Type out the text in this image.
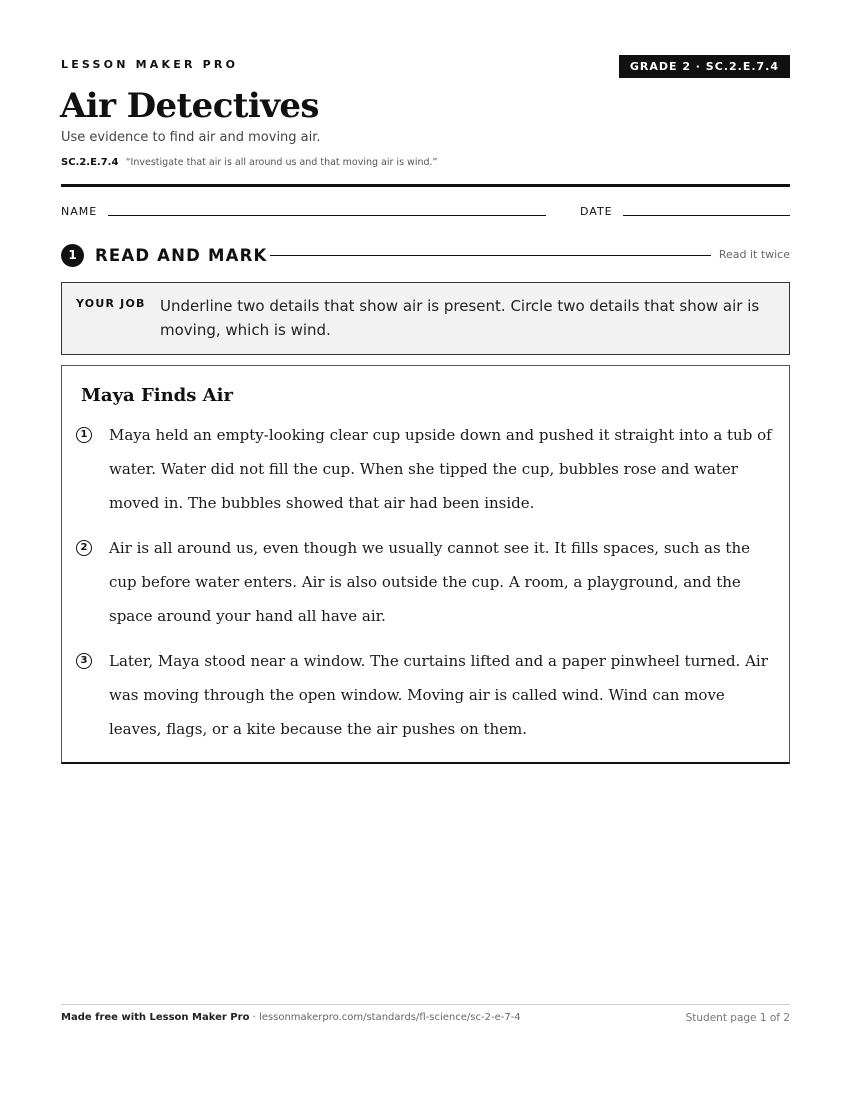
LESSON MAKER PRO	GRADE 2 · SC.2.E.7.4
Air Detectives
Use evidence to find air and moving air.
SC.2.E.7.4 “Investigate that air is all around us and that moving air is wind.”
NAME	DATE
1	READ AND MARK	Read it twice
YOUR JOB Underline two details that show air is present. Circle two details that show air is moving, which is wind.
Maya Finds Air
1	Maya held an empty-looking clear cup upside down and pushed it straight into a tub of water. Water did not fill the cup. When she tipped the cup, bubbles rose and water moved in. The bubbles showed that air had been inside.
2	Air is all around us, even though we usually cannot see it. It fills spaces, such as the cup before water enters. Air is also outside the cup. A room, a playground, and the space around your hand all have air.
3	Later, Maya stood near a window. The curtains lifted and a paper pinwheel turned. Air was moving through the open window. Moving air is called wind. Wind can move leaves, flags, or a kite because the air pushes on them.
Made free with Lesson Maker Pro · lessonmakerpro.com/standards/fl-science/sc-2-e-7-4	Student page 1 of 2
